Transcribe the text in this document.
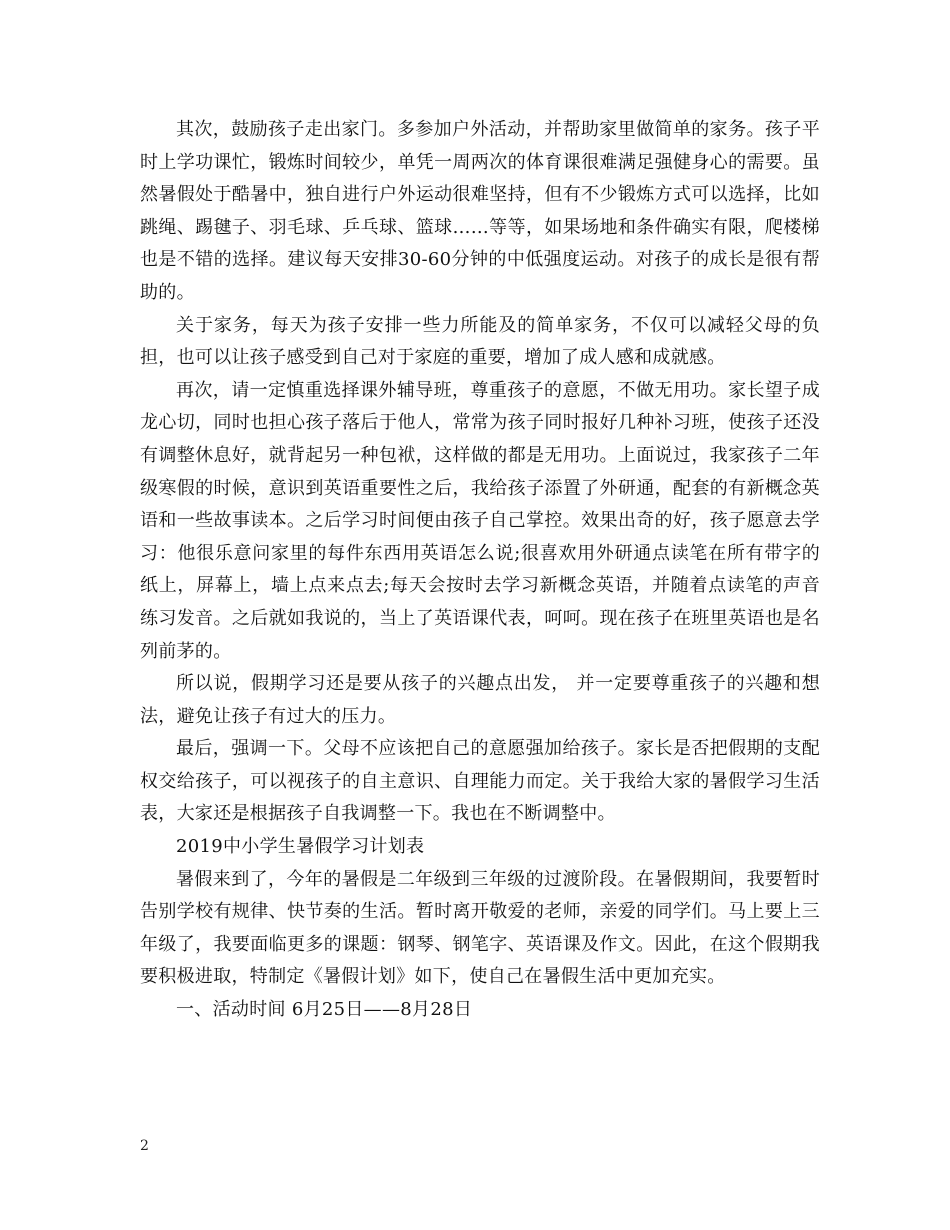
其次，鼓励孩子走出家门。多参加户外活动，并帮助家里做简单的家务。孩子平时上学功课忙，锻炼时间较少，单凭一周两次的体育课很难满足强健身心的需要。虽然暑假处于酷暑中，独自进行户外运动很难坚持，但有不少锻炼方式可以选择，比如跳绳、踢毽子、羽毛球、乒乓球、篮球……等等，如果场地和条件确实有限，爬楼梯也是不错的选择。建议每天安排30-60分钟的中低强度运动。对孩子的成长是很有帮助的。

关于家务，每天为孩子安排一些力所能及的简单家务，不仅可以减轻父母的负担，也可以让孩子感受到自己对于家庭的重要，增加了成人感和成就感。

再次，请一定慎重选择课外辅导班，尊重孩子的意愿，不做无用功。家长望子成龙心切，同时也担心孩子落后于他人，常常为孩子同时报好几种补习班，使孩子还没有调整休息好，就背起另一种包袱，这样做的都是无用功。上面说过，我家孩子二年级寒假的时候，意识到英语重要性之后，我给孩子添置了外研通，配套的有新概念英语和一些故事读本。之后学习时间便由孩子自己掌控。效果出奇的好，孩子愿意去学习：他很乐意问家里的每件东西用英语怎么说;很喜欢用外研通点读笔在所有带字的纸上，屏幕上，墙上点来点去;每天会按时去学习新概念英语，并随着点读笔的声音练习发音。之后就如我说的，当上了英语课代表，呵呵。现在孩子在班里英语也是名列前茅的。

所以说，假期学习还是要从孩子的兴趣点出发， 并一定要尊重孩子的兴趣和想法，避免让孩子有过大的压力。

最后，强调一下。父母不应该把自己的意愿强加给孩子。家长是否把假期的支配权交给孩子，可以视孩子的自主意识、自理能力而定。关于我给大家的暑假学习生活表，大家还是根据孩子自我调整一下。我也在不断调整中。

2019中小学生暑假学习计划表

暑假来到了，今年的暑假是二年级到三年级的过渡阶段。在暑假期间，我要暂时告别学校有规律、快节奏的生活。暂时离开敬爱的老师，亲爱的同学们。马上要上三年级了，我要面临更多的课题：钢琴、钢笔字、英语课及作文。因此，在这个假期我要积极进取，特制定《暑假计划》如下，使自己在暑假生活中更加充实。

一、活动时间 6月25日——8月28日

2
